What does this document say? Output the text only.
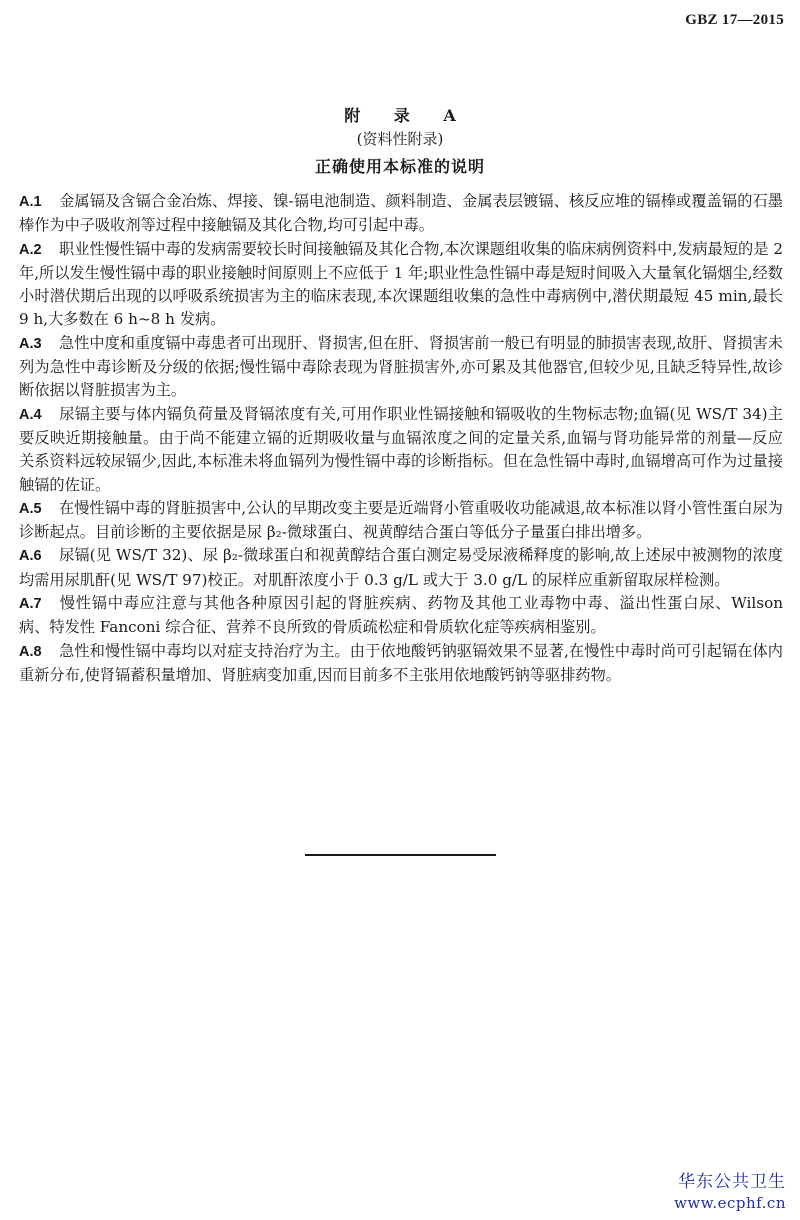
GBZ 17—2015
附 录 A
(资料性附录)
正确使用本标准的说明

A.1 金属镉及含镉合金冶炼、焊接、镍-镉电池制造、颜料制造、金属表层镀镉、核反应堆的镉棒或覆盖镉的石墨棒作为中子吸收剂等过程中接触镉及其化合物,均可引起中毒。

A.2 职业性慢性镉中毒的发病需要较长时间接触镉及其化合物,本次课题组收集的临床病例资料中,发病最短的是 2 年,所以发生慢性镉中毒的职业接触时间原则上不应低于 1 年;职业性急性镉中毒是短时间吸入大量氧化镉烟尘,经数小时潜伏期后出现的以呼吸系统损害为主的临床表现,本次课题组收集的急性中毒病例中,潜伏期最短 45 min,最长 9 h,大多数在 6 h~8 h 发病。

A.3 急性中度和重度镉中毒患者可出现肝、肾损害,但在肝、肾损害前一般已有明显的肺损害表现,故肝、肾损害未列为急性中毒诊断及分级的依据;慢性镉中毒除表现为肾脏损害外,亦可累及其他器官,但较少见,且缺乏特异性,故诊断依据以肾脏损害为主。

A.4 尿镉主要与体内镉负荷量及肾镉浓度有关,可用作职业性镉接触和镉吸收的生物标志物;血镉(见 WS/T 34)主要反映近期接触量。由于尚不能建立镉的近期吸收量与血镉浓度之间的定量关系,血镉与肾功能异常的剂量—反应关系资料远较尿镉少,因此,本标准未将血镉列为慢性镉中毒的诊断指标。但在急性镉中毒时,血镉增高可作为过量接触镉的佐证。

A.5 在慢性镉中毒的肾脏损害中,公认的早期改变主要是近端肾小管重吸收功能减退,故本标准以肾小管性蛋白尿为诊断起点。目前诊断的主要依据是尿 β₂-微球蛋白、视黄醇结合蛋白等低分子量蛋白排出增多。

A.6 尿镉(见 WS/T 32)、尿 β₂-微球蛋白和视黄醇结合蛋白测定易受尿液稀释度的影响,故上述尿中被测物的浓度均需用尿肌酐(见 WS/T 97)校正。对肌酐浓度小于 0.3 g/L 或大于 3.0 g/L 的尿样应重新留取尿样检测。

A.7 慢性镉中毒应注意与其他各种原因引起的肾脏疾病、药物及其他工业毒物中毒、溢出性蛋白尿、Wilson 病、特发性 Fanconi 综合征、营养不良所致的骨质疏松症和骨质软化症等疾病相鉴别。

A.8 急性和慢性镉中毒均以对症支持治疗为主。由于依地酸钙钠驱镉效果不显著,在慢性中毒时尚可引起镉在体内重新分布,使肾镉蓄积量增加、肾脏病变加重,因而目前多不主张用依地酸钙钠等驱排药物。

华东公共卫生
www.ecphf.cn
